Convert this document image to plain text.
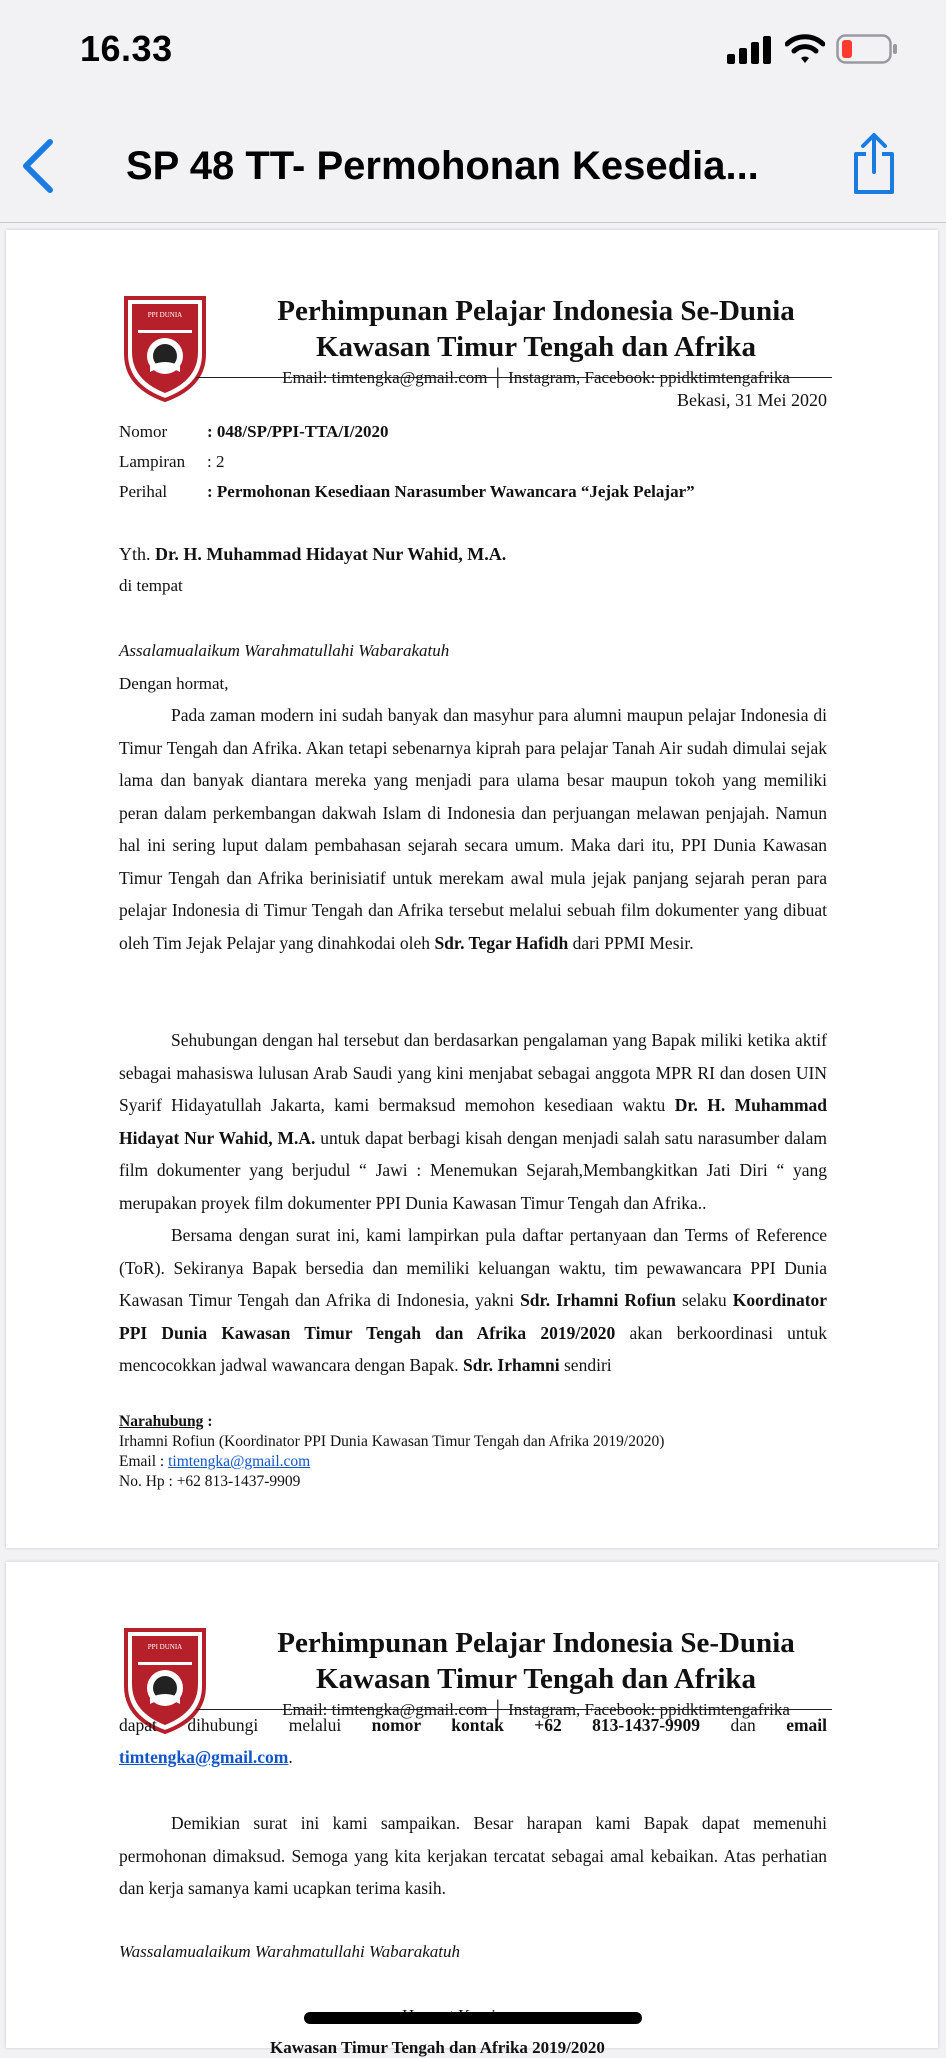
16.33
SP 48 TT- Permohonan Kesedia...
PPI DUNIA	Perhimpunan Pelajar Indonesia Se-Dunia
Kawasan Timur Tengah dan Afrika
Email: timtengka@gmail.com │ Instagram, Facebook: ppidktimtengafrika
Bekasi, 31 Mei 2020
Nomor : 048/SP/PPI-TTA/I/2020
Lampiran : 2
Perihal : Permohonan Kesediaan Narasumber Wawancara “Jejak Pelajar”
Yth. Dr. H. Muhammad Hidayat Nur Wahid, M.A.
di tempat
Assalamualaikum Warahmatullahi Wabarakatuh
Dengan hormat,
Pada zaman modern ini sudah banyak dan masyhur para alumni maupun pelajar Indonesia di Timur Tengah dan Afrika. Akan tetapi sebenarnya kiprah para pelajar Tanah Air sudah dimulai sejak lama dan banyak diantara mereka yang menjadi para ulama besar maupun tokoh yang memiliki peran dalam perkembangan dakwah Islam di Indonesia dan perjuangan melawan penjajah. Namun hal ini sering luput dalam pembahasan sejarah secara umum. Maka dari itu, PPI Dunia Kawasan Timur Tengah dan Afrika berinisiatif untuk merekam awal mula jejak panjang sejarah peran para pelajar Indonesia di Timur Tengah dan Afrika tersebut melalui sebuah film dokumenter yang dibuat oleh Tim Jejak Pelajar yang dinahkodai oleh Sdr. Tegar Hafidh dari PPMI Mesir.
Sehubungan dengan hal tersebut dan berdasarkan pengalaman yang Bapak miliki ketika aktif sebagai mahasiswa lulusan Arab Saudi yang kini menjabat sebagai anggota MPR RI dan dosen UIN Syarif Hidayatullah Jakarta, kami bermaksud memohon kesediaan waktu Dr. H. Muhammad Hidayat Nur Wahid, M.A. untuk dapat berbagi kisah dengan menjadi salah satu narasumber dalam film dokumenter yang berjudul “ Jawi : Menemukan Sejarah,Membangkitkan Jati Diri “ yang merupakan proyek film dokumenter PPI Dunia Kawasan Timur Tengah dan Afrika..
Bersama dengan surat ini, kami lampirkan pula daftar pertanyaan dan Terms of Reference (ToR). Sekiranya Bapak bersedia dan memiliki keluangan waktu, tim pewawancara PPI Dunia Kawasan Timur Tengah dan Afrika di Indonesia, yakni Sdr. Irhamni Rofiun selaku Koordinator PPI Dunia Kawasan Timur Tengah dan Afrika 2019/2020 akan berkoordinasi untuk mencocokkan jadwal wawancara dengan Bapak. Sdr. Irhamni sendiri
Narahubung :
Irhamni Rofiun (Koordinator PPI Dunia Kawasan Timur Tengah dan Afrika 2019/2020)
Email : timtengka@gmail.com
No. Hp : +62 813-1437-9909
PPI DUNIA	Perhimpunan Pelajar Indonesia Se-Dunia
Kawasan Timur Tengah dan Afrika
Email: timtengka@gmail.com │ Instagram, Facebook: ppidktimtengafrika
dapat dihubungi melalui nomor kontak +62 813-1437-9909 dan email
timtengka@gmail.com.
Demikian surat ini kami sampaikan. Besar harapan kami Bapak dapat memenuhi permohonan dimaksud. Semoga yang kita kerjakan tercatat sebagai amal kebaikan. Atas perhatian dan kerja samanya kami ucapkan terima kasih.
Wassalamualaikum Warahmatullahi Wabarakatuh
Kawasan Timur Tengah dan Afrika 2019/2020
